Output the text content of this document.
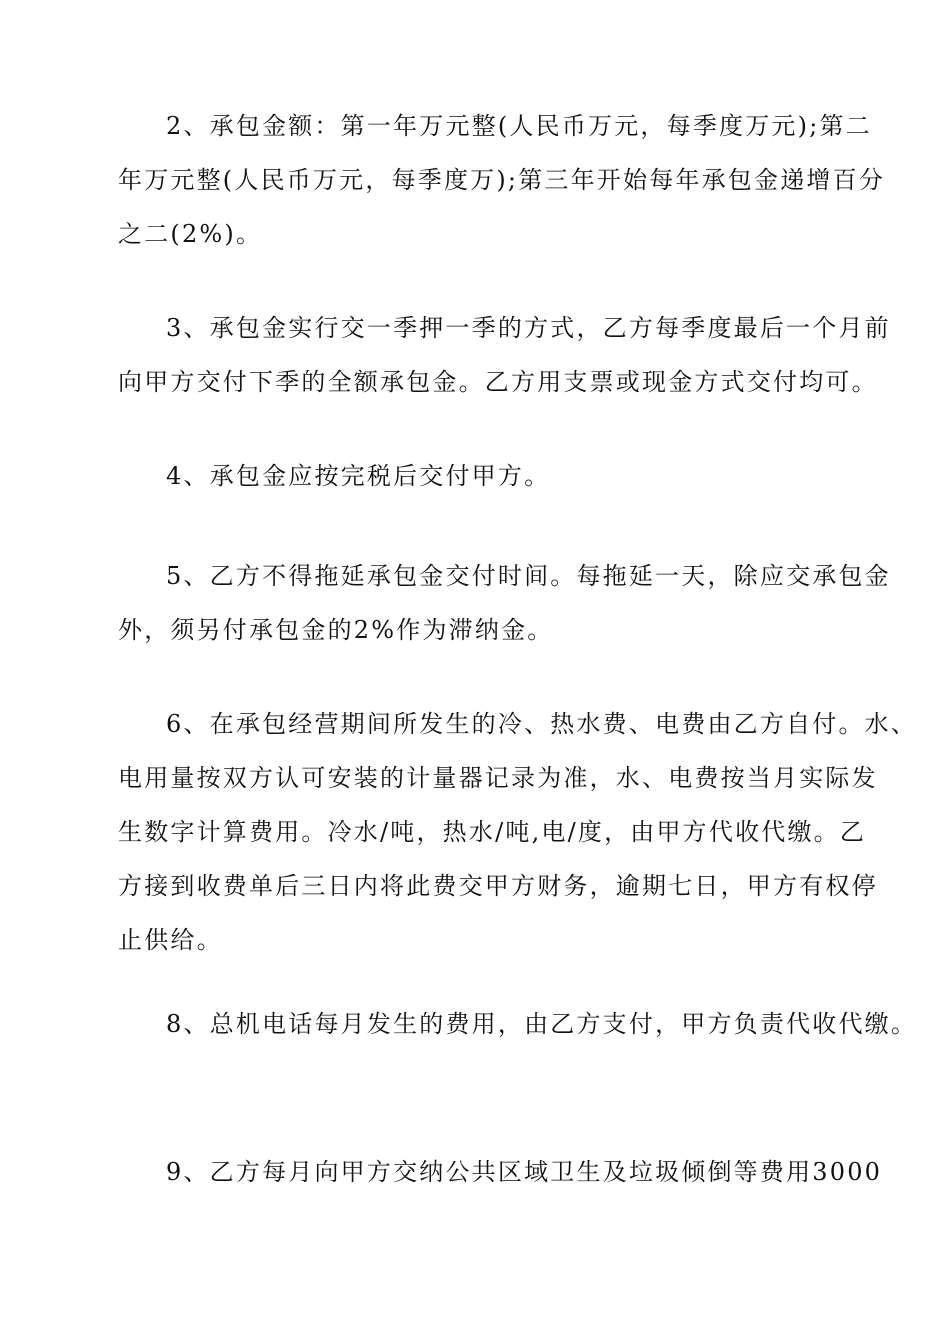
2、承包金额：第一年万元整(人民币万元，每季度万元);第二
年万元整(人民币万元，每季度万);第三年开始每年承包金递增百分
之二(2%)。

3、承包金实行交一季押一季的方式，乙方每季度最后一个月前
向甲方交付下季的全额承包金。乙方用支票或现金方式交付均可。

4、承包金应按完税后交付甲方。

5、乙方不得拖延承包金交付时间。每拖延一天，除应交承包金
外，须另付承包金的2%作为滞纳金。

6、在承包经营期间所发生的冷、热水费、电费由乙方自付。水、
电用量按双方认可安装的计量器记录为准，水、电费按当月实际发
生数字计算费用。冷水/吨，热水/吨,电/度，由甲方代收代缴。乙
方接到收费单后三日内将此费交甲方财务，逾期七日，甲方有权停
止供给。

8、总机电话每月发生的费用，由乙方支付，甲方负责代收代缴。

9、乙方每月向甲方交纳公共区域卫生及垃圾倾倒等费用3000
